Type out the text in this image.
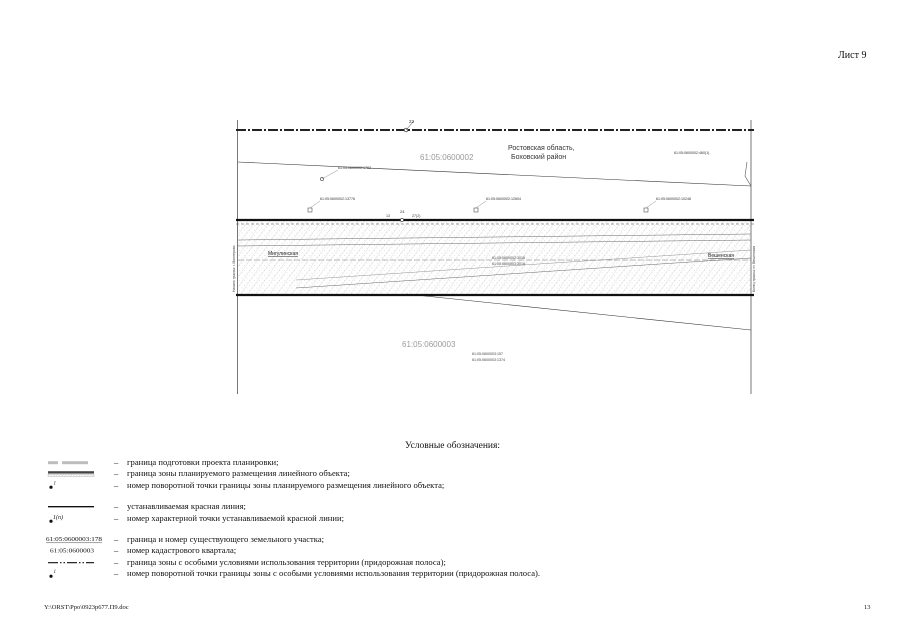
Лист 9
22
61:05:0600002:1762
61:05:0600002:13776	61:05:0600002:12604	61:05:0600002:10246
24
13	27(2)
61:05:0600002
Ростовская область,
Боховский район
61:05:0600002:460(1)
61:05:0600003
61:05:0600003:157
61:05:0600003:1374
61:05:0600002:3018
61:05:0600003:3018
Мигулинская	Вешенская
Начало трассы: г. Миллерово	Конец трассы: ст. Вешенская
Условные обозначения:
– граница подготовки проекта планировки;
– граница зоны планируемого размещения линейного объекта;
1	– номер поворотной точки границы зоны планируемого размещения линейного объекта;
– устанавливаемая красная линия;
1(n)	– номер характерной точки устанавливаемой красной линии;
61:05:0600003:178 – граница и номер существующего земельного участка;
61:05:0600003 – номер кадастрового квартала;
– граница зоны с особыми условиями использования территории (придорожная полоса);
1	– номер поворотной точки границы зоны с особыми условиями использования территории (придорожная полоса).
Y:\ORST\Ppo\0923p677.П9.doc	13
